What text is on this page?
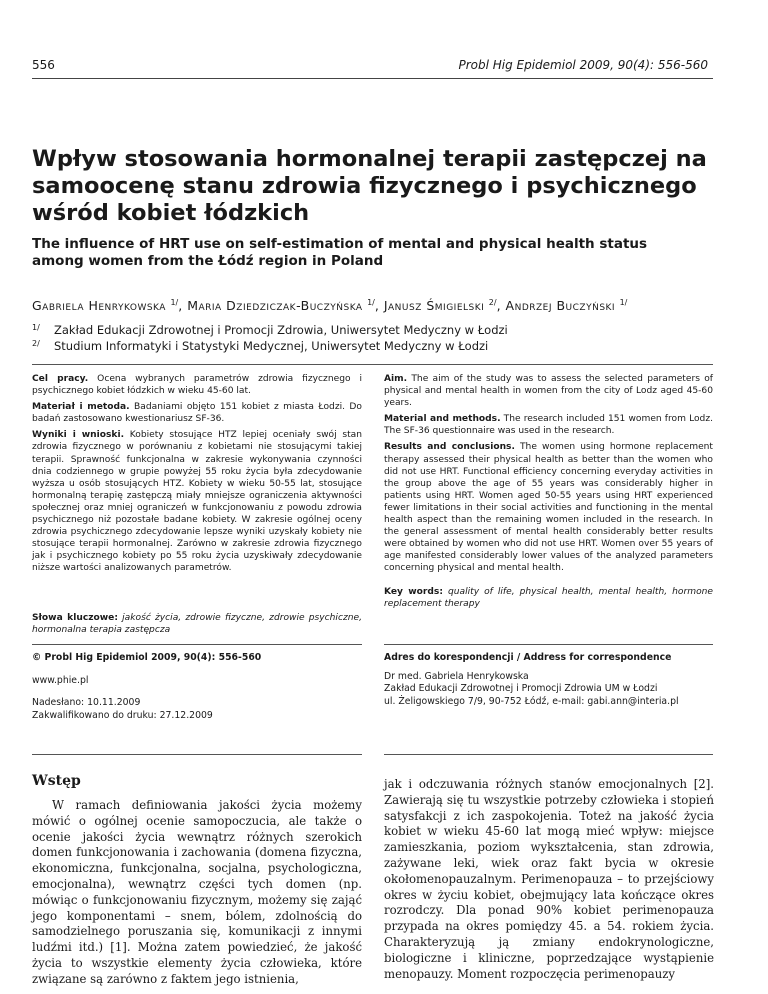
556	Probl Hig Epidemiol 2009, 90(4): 556-560
Wpływ stosowania hormonalnej terapii zastępczej na
samoocenę stanu zdrowia fizycznego i psychicznego
wśród kobiet łódzkich
The influence of HRT use on self-estimation of mental and physical health status
among women from the Łódź region in Poland
Gabriela Henrykowska $^{1/}$, Maria Dziedziczak-Buczyńska $^{1/}$, Janusz Śmigielski $^{2/}$, Andrzej Buczyński $^{1/}$
1/ Zakład Edukacji Zdrowotnej i Promocji Zdrowia, Uniwersytet Medyczny w Łodzi
2/ Studium Informatyki i Statystyki Medycznej, Uniwersytet Medyczny w Łodzi

Cel pracy. Ocena wybranych parametrów zdrowia fizycznego i psychicznego kobiet łódzkich w wieku 45-60 lat.

Materiał i metoda. Badaniami objęto 151 kobiet z miasta Łodzi. Do badań zastosowano kwestionariusz SF-36.

Wyniki i wnioski. Kobiety stosujące HTZ lepiej oceniały swój stan zdrowia fizycznego w porównaniu z kobietami nie stosującymi takiej terapii. Sprawność funkcjonalna w zakresie wykonywania czynności dnia codziennego w grupie powyżej 55 roku życia była zdecydowanie wyższa u osób stosujących HTZ. Kobiety w wieku 50-55 lat, stosujące hormonalną terapię zastępczą miały mniejsze ograniczenia aktywności społecznej oraz mniej ograniczeń w funkcjonowaniu z powodu zdrowia psychicznego niż pozostałe badane kobiety. W zakresie ogólnej oceny zdrowia psychicznego zdecydowanie lepsze wyniki uzyskały kobiety nie stosujące terapii hormonalnej. Zarówno w zakresie zdrowia fizycznego jak i psychicznego kobiety po 55 roku życia uzyskiwały zdecydowanie niższe wartości analizowanych parametrów.

Słowa kluczowe: jakość życia, zdrowie fizyczne, zdrowie psychiczne, hormonalna terapia zastępcza

Aim. The aim of the study was to assess the selected parameters of physical and mental health in women from the city of Lodz aged 45-60 years.

Material and methods. The research included 151 women from Lodz. The SF-36 questionnaire was used in the research.

Results and conclusions. The women using hormone replacement therapy assessed their physical health as better than the women who did not use HRT. Functional efficiency concerning everyday activities in the group above the age of 55 years was considerably higher in patients using HRT. Women aged 50-55 years using HRT experienced fewer limitations in their social activities and functioning in the mental health aspect than the remaining women included in the research. In the general assessment of mental health considerably better results were obtained by women who did not use HRT. Women over 55 years of age manifested considerably lower values of the analyzed parameters concerning physical and mental health.

Key words: quality of life, physical health, mental health, hormone replacement therapy

© Probl Hig Epidemiol 2009, 90(4): 556-560
www.phie.pl
Nadesłano: 10.11.2009
Zakwalifikowano do druku: 27.12.2009
Adres do korespondencji / Address for correspondence
Dr med. Gabriela Henrykowska
Zakład Edukacji Zdrowotnej i Promocji Zdrowia UM w Łodzi
ul. Żeligowskiego 7/9, 90-752 Łódź, e-mail: gabi.ann@interia.pl
Wstęp

W ramach definiowania jakości życia możemy mówić o ogólnej ocenie samopoczucia, ale także o ocenie jakości życia wewnątrz różnych szerokich domen funkcjonowania i zachowania (domena fizyczna, ekonomiczna, funkcjonalna, socjalna, psychologiczna, emocjonalna), wewnątrz części tych domen (np. mówiąc o funkcjonowaniu fizycznym, możemy się zająć jego komponentami – snem, bólem, zdolnością do samodzielnego poruszania się, komunikacji z innymi ludźmi itd.) [1]. Można zatem powiedzieć, że jakość życia to wszystkie elementy życia człowieka, które związane są zarówno z faktem jego istnienia,

jak i odczuwania różnych stanów emocjonalnych [2]. Zawierają się tu wszystkie potrzeby człowieka i stopień satysfakcji z ich zaspokojenia. Toteż na jakość życia kobiet w wieku 45-60 lat mogą mieć wpływ: miejsce zamieszkania, poziom wykształcenia, stan zdrowia, zażywane leki, wiek oraz fakt bycia w okresie okołomenopauzalnym. Perimenopauza – to przejściowy okres w życiu kobiet, obejmujący lata kończące okres rozrodczy. Dla ponad 90% kobiet perimenopauza przypada na okres pomiędzy 45. a 54. rokiem życia. Charakteryzują ją zmiany endokrynologiczne, biologiczne i kliniczne, poprzedzające wystąpienie menopauzy. Moment rozpoczęcia perimenopauzy
